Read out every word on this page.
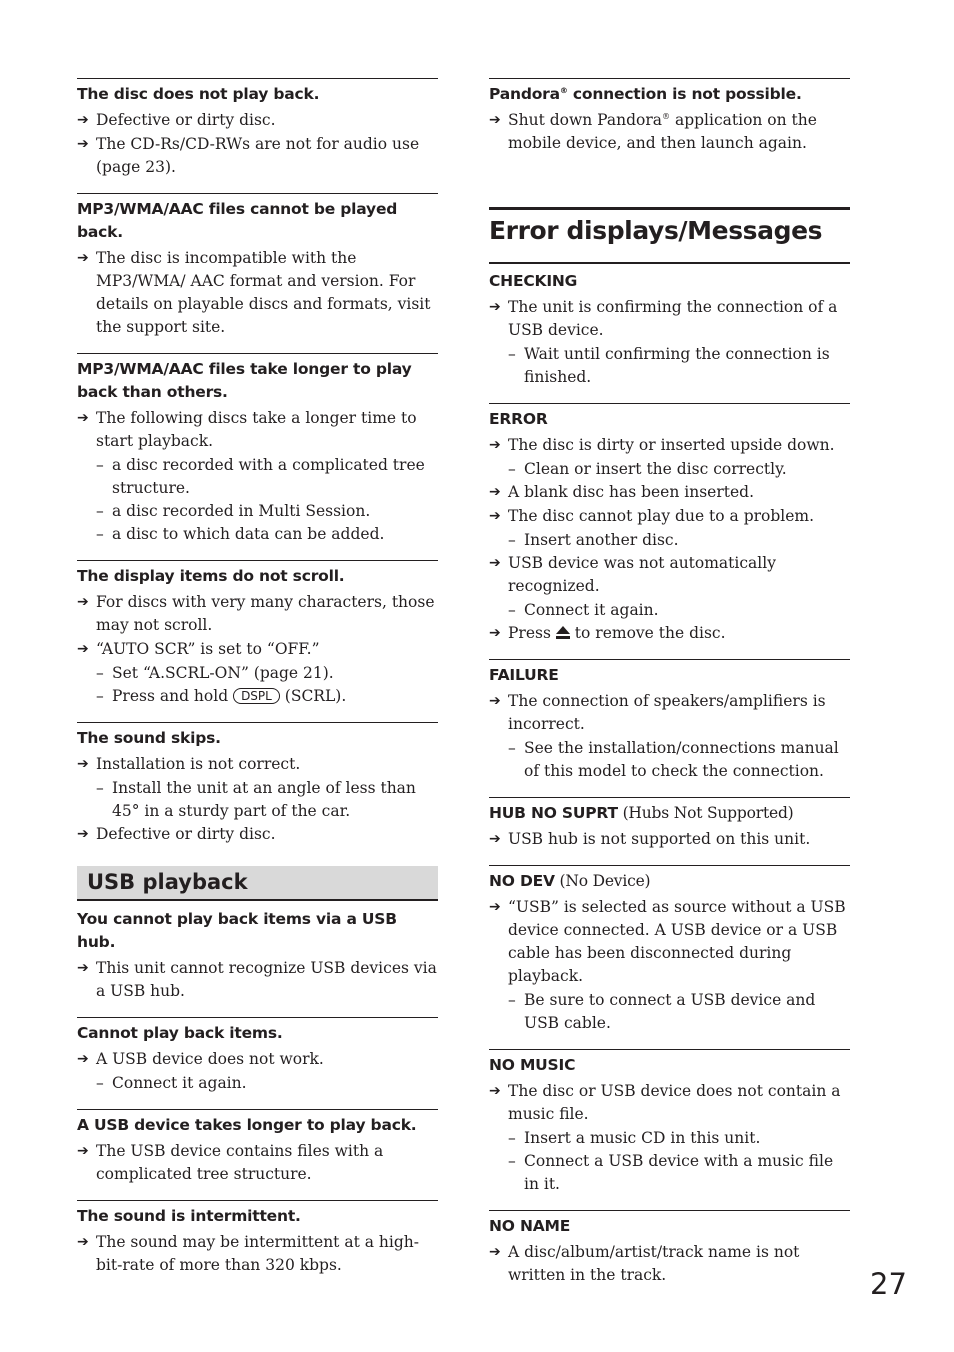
The disc does not play back.
➔ Defective or dirty disc.
➔ The CD-Rs/CD-RWs are not for audio use (page 23).
MP3/WMA/AAC files cannot be played back.
➔ The disc is incompatible with the MP3/WMA/ AAC format and version. For details on playable discs and formats, visit the support site.
MP3/WMA/AAC files take longer to play back than others.
➔ The following discs take a longer time to start playback.
– a disc recorded with a complicated tree structure.
– a disc recorded in Multi Session.
– a disc to which data can be added.
The display items do not scroll.
➔ For discs with very many characters, those may not scroll.
➔ “AUTO SCR” is set to “OFF.”
– Set “A.SCRL-ON” (page 21).
– Press and hold DSPL (SCRL).
The sound skips.
➔ Installation is not correct.
– Install the unit at an angle of less than 45° in a sturdy part of the car.
➔ Defective or dirty disc.
USB playback
You cannot play back items via a USB hub.
➔ This unit cannot recognize USB devices via a USB hub.
Cannot play back items.
➔ A USB device does not work.
– Connect it again.
A USB device takes longer to play back.
➔ The USB device contains files with a complicated tree structure.
The sound is intermittent.
➔ The sound may be intermittent at a high-bit-rate of more than 320 kbps.
Pandora® connection is not possible.
➔ Shut down Pandora® application on the mobile device, and then launch again.
Error displays/Messages
CHECKING
➔ The unit is confirming the connection of a USB device.
– Wait until confirming the connection is finished.
ERROR
➔ The disc is dirty or inserted upside down.
– Clean or insert the disc correctly.
➔ A blank disc has been inserted.
➔ The disc cannot play due to a problem.
– Insert another disc.
➔ USB device was not automatically recognized.
– Connect it again.
➔ Press to remove the disc.
FAILURE
➔ The connection of speakers/amplifiers is incorrect.
– See the installation/connections manual of this model to check the connection.
HUB NO SUPRT (Hubs Not Supported)
➔ USB hub is not supported on this unit.
NO DEV (No Device)
➔ “USB” is selected as source without a USB device connected. A USB device or a USB cable has been disconnected during playback.
– Be sure to connect a USB device and USB cable.
NO MUSIC
➔ The disc or USB device does not contain a music file.
– Insert a music CD in this unit.
– Connect a USB device with a music file in it.
NO NAME
➔ A disc/album/artist/track name is not written in the track.	27
